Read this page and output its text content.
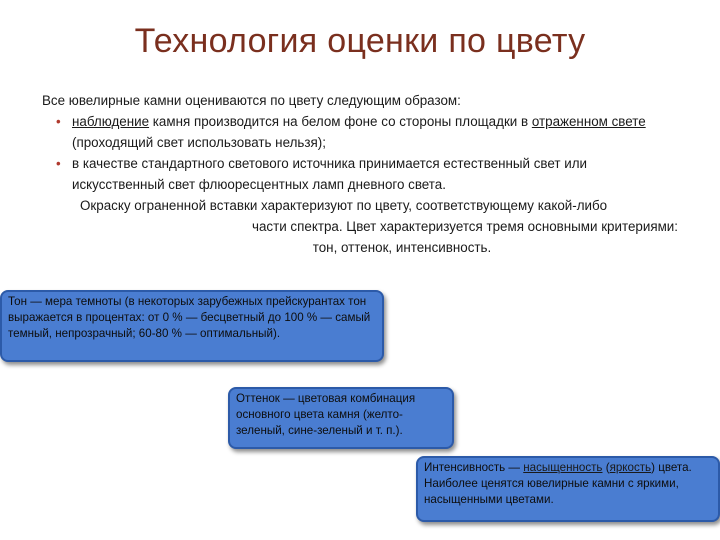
Технология оценки по цвету
Все ювелирные камни оцениваются по цвету следующим образом:
• наблюдение камня производится на белом фоне со стороны площадки в отраженном свете (проходящий свет использовать нельзя);
• в качестве стандартного светового источника принимается естественный свет или искусственный свет флюоресцентных ламп дневного света.
Окраску ограненной вставки характеризуют по цвету, соответствующему какой-либо
части спектра. Цвет характеризуется тремя основными критериями:
тон, оттенок, интенсивность.
Тон — мера темноты (в некоторых зарубежных прейскурантах тон выражается в процентах: от 0 % — бесцветный до 100 % — самый темный, непрозрачный; 60-80 % — оптимальный).
Оттенок — цветовая комбинация основного цвета камня (желто-зеленый, сине-зеленый и т. п.).
Интенсивность — насыщенность (яркость) цвета. Наиболее ценятся ювелирные камни с яркими, насыщенными цветами.
